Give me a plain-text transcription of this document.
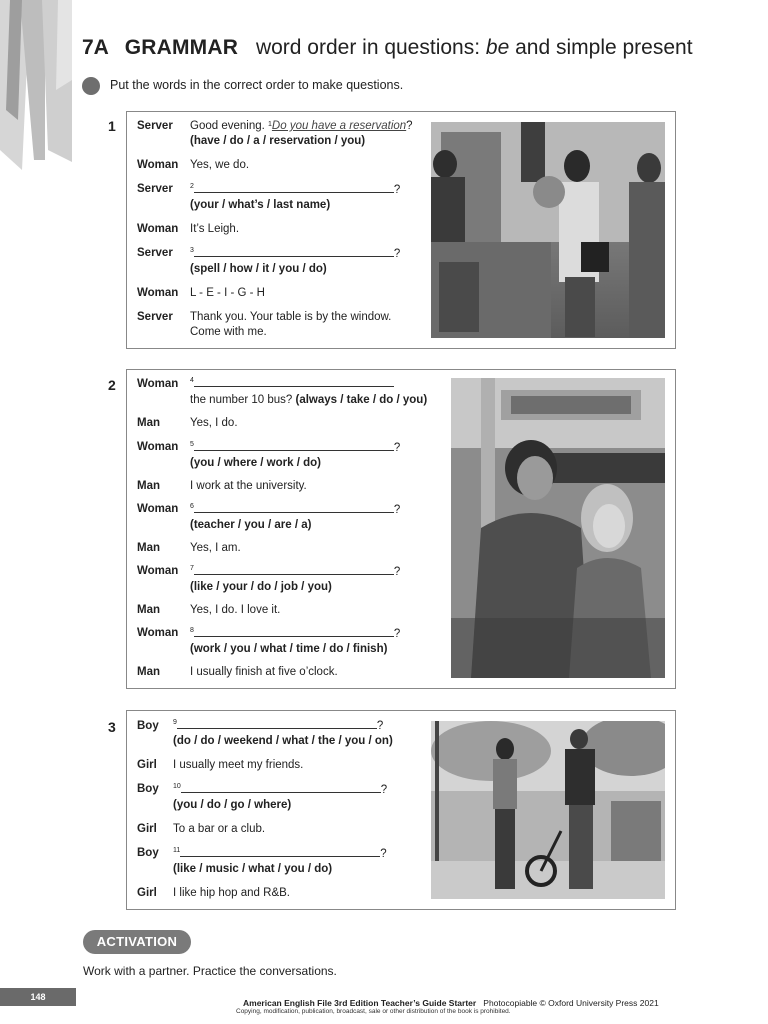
7A GRAMMAR word order in questions: be and simple present
Put the words in the correct order to make questions.
1 Server Good evening. $^1$Do you have a reservation?
(have / do / a / reservation / you)
Woman Yes, we do.
Server $^2$	?
(your / what’s / last name)
Woman It’s Leigh.
Server $^3$	?
(spell / how / it / you / do)
Woman L - E - I - G - H
Server Thank you. Your table is by the window.
Come with me.
2 Woman $^4$
the number 10 bus? (always / take / do / you)
Man	Yes, I do.
Woman $^5$	?
(you / where / work / do)
Man	I work at the university.
Woman $^6$	?
(teacher / you / are / a)
Man	Yes, I am.
Woman $^7$	?
(like / your / do / job / you)
Man	Yes, I do. I love it.
Woman $^8$	?
(work / you / what / time / do / finish)
Man	I usually finish at five o’clock.
3 Boy $^9$	?
(do / do / weekend / what / the / you / on)
Girl I usually meet my friends.
Boy $^{10}$	?
(you / do / go / where)
Girl To a bar or a club.
Boy $^{11}$	?
(like / music / what / you / do)
Girl I like hip hop and R&B.
ACTIVATION
Work with a partner. Practice the conversations.
148
American English File 3rd Edition Teacher’s Guide Starter Photocopiable © Oxford University Press 2021
Copying, modification, publication, broadcast, sale or other distribution of the book is prohibited.
